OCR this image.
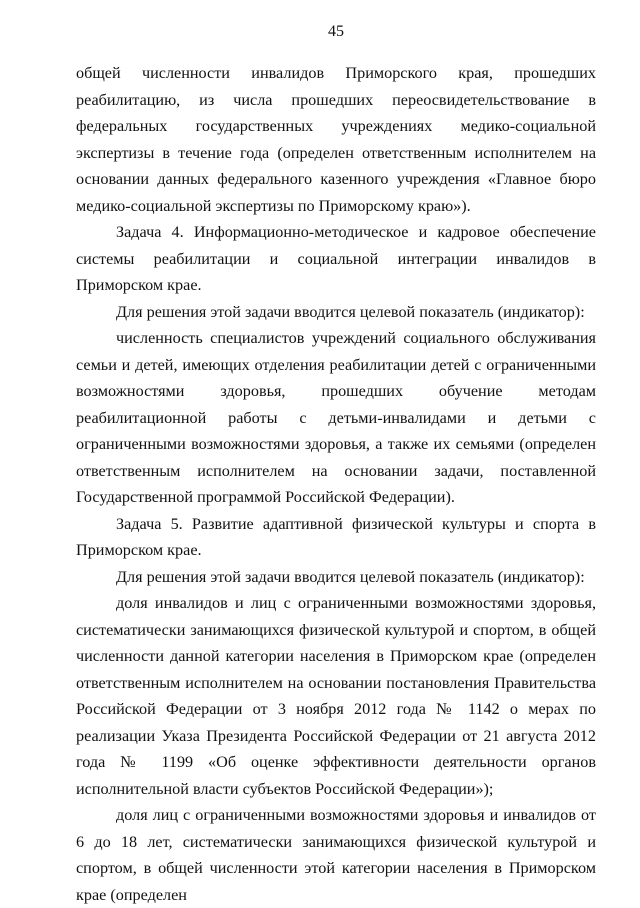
45

общей численности инвалидов Приморского края, прошедших реабилитацию, из числа прошедших переосвидетельствование в федеральных государственных учреждениях медико-социальной экспертизы в течение года (определен ответственным исполнителем на основании данных федерального казенного учреждения «Главное бюро медико-социальной экспертизы по Приморскому краю»).

Задача 4. Информационно-методическое и кадровое обеспечение системы реабилитации и социальной интеграции инвалидов в Приморском крае.

Для решения этой задачи вводится целевой показатель (индикатор):

численность специалистов учреждений социального обслуживания семьи и детей, имеющих отделения реабилитации детей с ограниченными возможностями здоровья, прошедших обучение методам реабилитационной работы с детьми-инвалидами и детьми с ограниченными возможностями здоровья, а также их семьями (определен ответственным исполнителем на основании задачи, поставленной Государственной программой Российской Федерации).

Задача 5. Развитие адаптивной физической культуры и спорта в Приморском крае.

Для решения этой задачи вводится целевой показатель (индикатор):

доля инвалидов и лиц с ограниченными возможностями здоровья, систематически занимающихся физической культурой и спортом, в общей численности данной категории населения в Приморском крае (определен ответственным исполнителем на основании постановления Правительства Российской Федерации от 3 ноября 2012 года № 1142 о мерах по реализации Указа Президента Российской Федерации от 21 августа 2012 года № 1199 «Об оценке эффективности деятельности органов исполнительной власти субъектов Российской Федерации»);

доля лиц с ограниченными возможностями здоровья и инвалидов от 6 до 18 лет, систематически занимающихся физической культурой и спортом, в общей численности этой категории населения в Приморском крае (определен
